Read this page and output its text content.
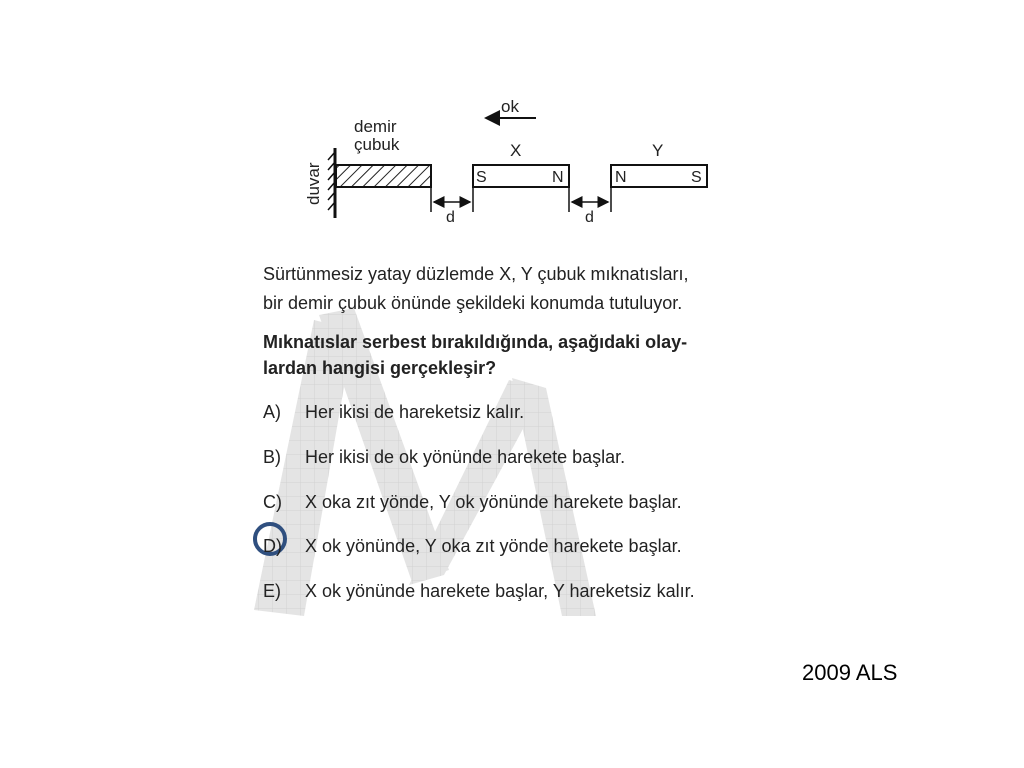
duvar
demir
çubuk
ok
X
S	N
Y
N	S
d	d
Sürtünmesiz yatay düzlemde X, Y çubuk mıknatısları,
bir demir çubuk önünde şekildeki konumda tutuluyor.
Mıknatıslar serbest bırakıldığında, aşağıdaki olay-
lardan hangisi gerçekleşir?
A) Her ikisi de hareketsiz kalır.
B) Her ikisi de ok yönünde harekete başlar.
C) X oka zıt yönde, Y ok yönünde harekete başlar.
D) X ok yönünde, Y oka zıt yönde harekete başlar.
E) X ok yönünde harekete başlar, Y hareketsiz kalır.
2009 ALS
